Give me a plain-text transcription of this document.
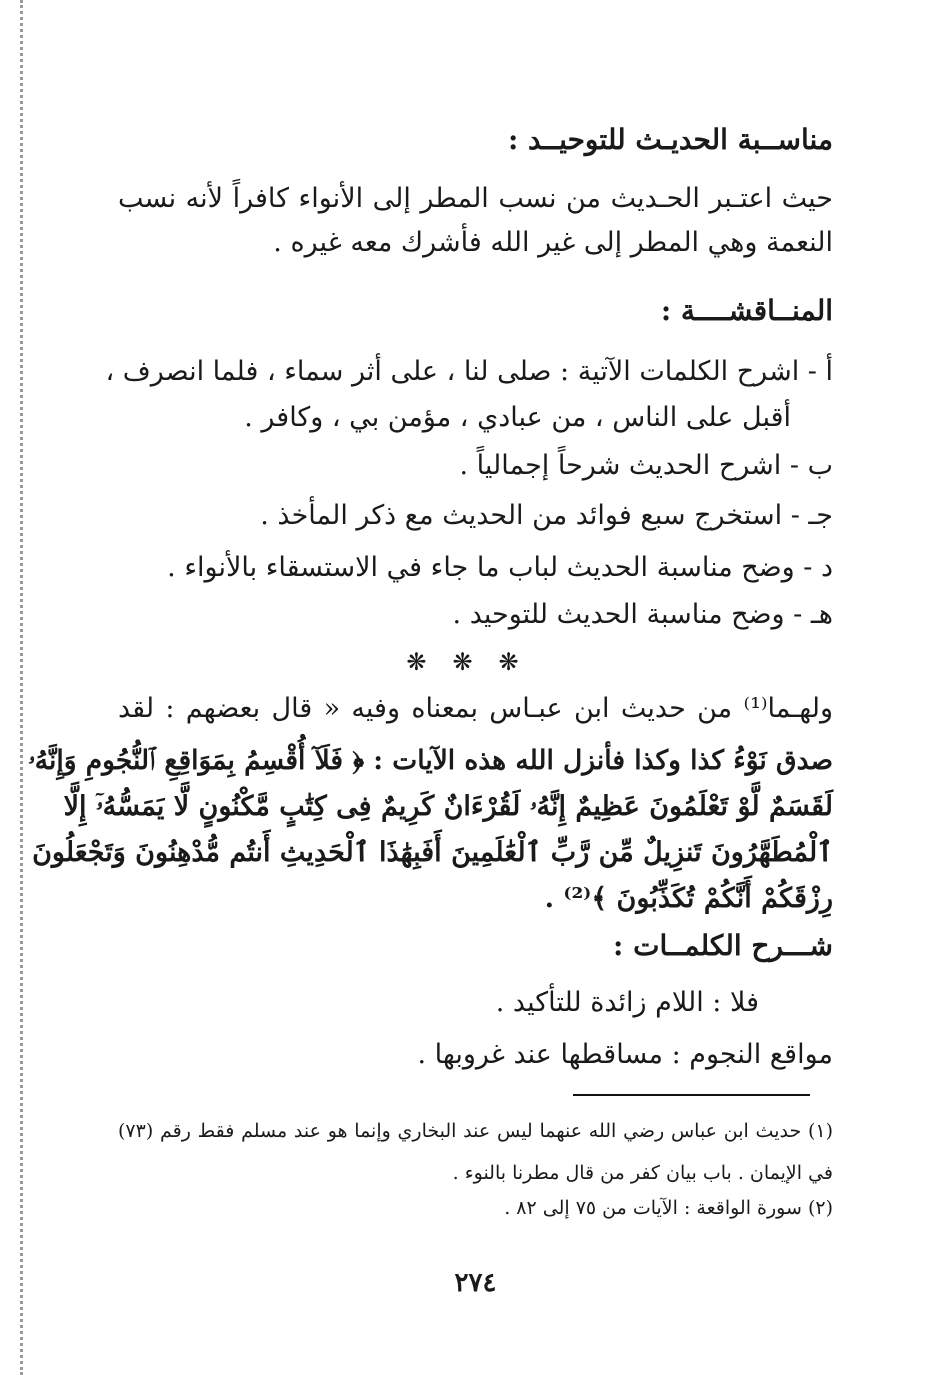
مناســبة الحديـث للتوحيــد :
حيث اعتـبر الحـديث من نسب المطر إلى الأنواء كافراً لأنه نسب
النعمة وهي المطر إلى غير الله فأشرك معه غيره .
المنــاقشــــة :
أ - اشرح الكلمات الآتية : صلى لنا ، على أثر سماء ، فلما انصرف ،
أقبل على الناس ، من عبادي ، مؤمن بي ، وكافر .
ب - اشرح الحديث شرحاً إجمالياً .
جـ - استخرج سبع فوائد من الحديث مع ذكر المأخذ .
د - وضح مناسبة الحديث لباب ما جاء في الاستسقاء بالأنواء .
هـ - وضح مناسبة الحديث للتوحيد .
❋❋❋
ولهـما⁽¹⁾ من حديث ابن عبـاس بمعناه وفيه « قال بعضهم : لقد
صدق نَوْءُ كذا وكذا فأنزل الله هذه الآيات : ﴿ فَلَآ أُقْسِمُ بِمَوَاقِعِ ٱلنُّجُومِ وَإِنَّهُۥ
لَقَسَمٌ لَّوْ تَعْلَمُونَ عَظِيمٌ إِنَّهُۥ لَقُرْءَانٌ كَرِيمٌ فِى كِتَٰبٍ مَّكْنُونٍ لَّا يَمَسُّهُۥٓ إِلَّا
ٱلْمُطَهَّرُونَ تَنزِيلٌ مِّن رَّبِّ ٱلْعَٰلَمِينَ أَفَبِهَٰذَا ٱلْحَدِيثِ أَنتُم مُّدْهِنُونَ وَتَجْعَلُونَ
رِزْقَكُمْ أَنَّكُمْ تُكَذِّبُونَ ﴾⁽²⁾ .
شـــرح الكلمــات :
فلا : اللام زائدة للتأكيد .
مواقع النجوم : مساقطها عند غروبها .
(١) حديث ابن عباس رضي الله عنهما ليس عند البخاري وإنما هو عند مسلم فقط رقم (٧٣)
في الإيمان . باب بيان كفر من قال مطرنا بالنوء .
(٢) سورة الواقعة : الآيات من ٧٥ إلى ٨٢ .
٢٧٤
